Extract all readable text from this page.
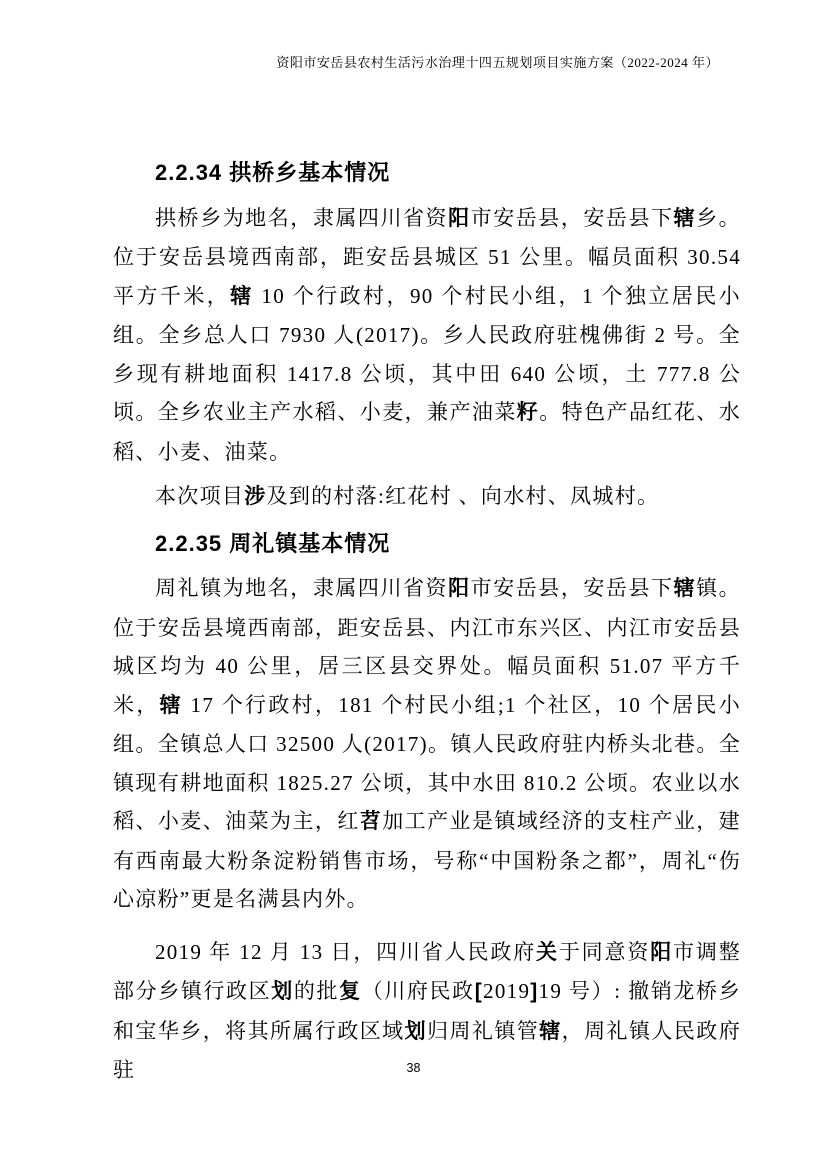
资阳市安岳县农村生活污水治理十四五规划项目实施方案（2022-2024 年）
2.2.34 拱桥乡基本情况
拱桥乡为地名，隶属四川省资阳市安岳县，安岳县下辖乡。位于安岳县境西南部，距安岳县城区 51 公里。幅员面积 30.54 平方千米，辖 10 个行政村，90 个村民小组，1 个独立居民小组。全乡总人口 7930 人(2017)。乡人民政府驻槐佛街 2 号。全乡现有耕地面积 1417.8 公顷，其中田 640 公顷，土 777.8 公顷。全乡农业主产水稻、小麦，兼产油菜籽。特色产品红花、水稻、小麦、油菜。
本次项目涉及到的村落:红花村 、向水村、凤城村。
2.2.35 周礼镇基本情况
周礼镇为地名，隶属四川省资阳市安岳县，安岳县下辖镇。位于安岳县境西南部，距安岳县、内江市东兴区、内江市安岳县城区均为 40 公里，居三区县交界处。幅员面积 51.07 平方千米，辖 17 个行政村，181 个村民小组;1 个社区，10 个居民小组。全镇总人口 32500 人(2017)。镇人民政府驻内桥头北巷。全镇现有耕地面积 1825.27 公顷，其中水田 810.2 公顷。农业以水稻、小麦、油菜为主，红苕加工产业是镇域经济的支柱产业，建有西南最大粉条淀粉销售市场，号称“中国粉条之都”，周礼“伤心凉粉”更是名满县内外。
2019 年 12 月 13 日，四川省人民政府关于同意资阳市调整部分乡镇行政区划的批复（川府民政[2019]19 号）: 撤销龙桥乡和宝华乡，将其所属行政区域划归周礼镇管辖，周礼镇人民政府驻	38
